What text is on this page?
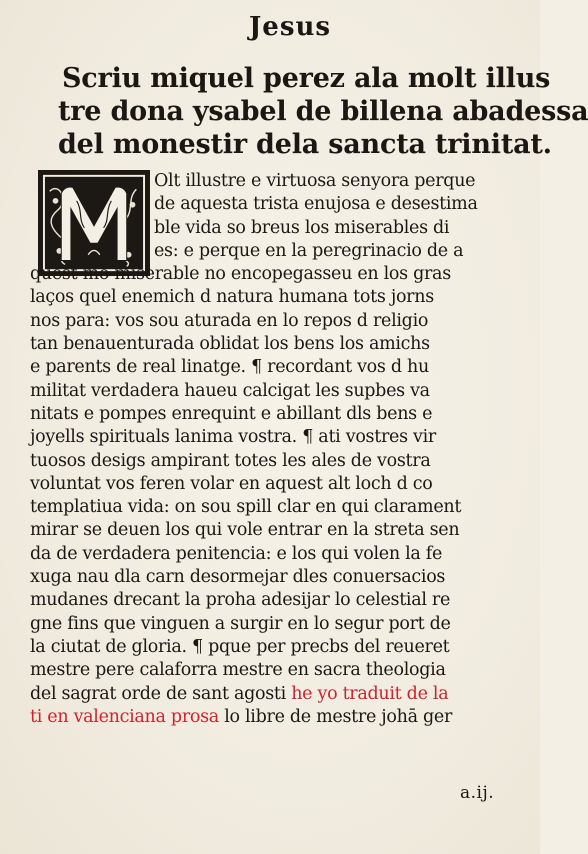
Jesus
Scriu miquel perez ala molt illus
tre dona ysabel de billena abadessa
del monestir dela sancta trinitat.
Olt illustre e virtuosa senyora perque
de aquesta trista enujosa e desestima
ble vida so breus los miserables di
es: e perque en la peregrinacio de a
quest mo miserable no encopegasseu en los gras
laços quel enemich d natura humana tots jorns
nos para: vos sou aturada en lo repos d religio
tan benauenturada oblidat los bens los amichs
e parents de real linatge. ¶ recordant vos d hu
militat verdadera haueu calcigat les supbes va
nitats e pompes enrequint e abillant dls bens e
joyells spirituals lanima vostra. ¶ ati vostres vir
tuosos desigs ampirant totes les ales de vostra
voluntat vos feren volar en aquest alt loch d co
templatiua vida: on sou spill clar en qui clarament
mirar se deuen los qui vole entrar en la streta sen
da de verdadera penitencia: e los qui volen la fe
xuga nau dla carn desormejar dles conuersacios
mudanes drecant la proha adesijar lo celestial re
gne fins que vinguen a surgir en lo segur port de
la ciutat de gloria. ¶ pque per precbs del reueret
mestre pere calaforra mestre en sacra theologia
del sagrat orde de sant agosti he yo traduit de la
ti en valenciana prosa lo libre de mestre johā ger
a.ij.
